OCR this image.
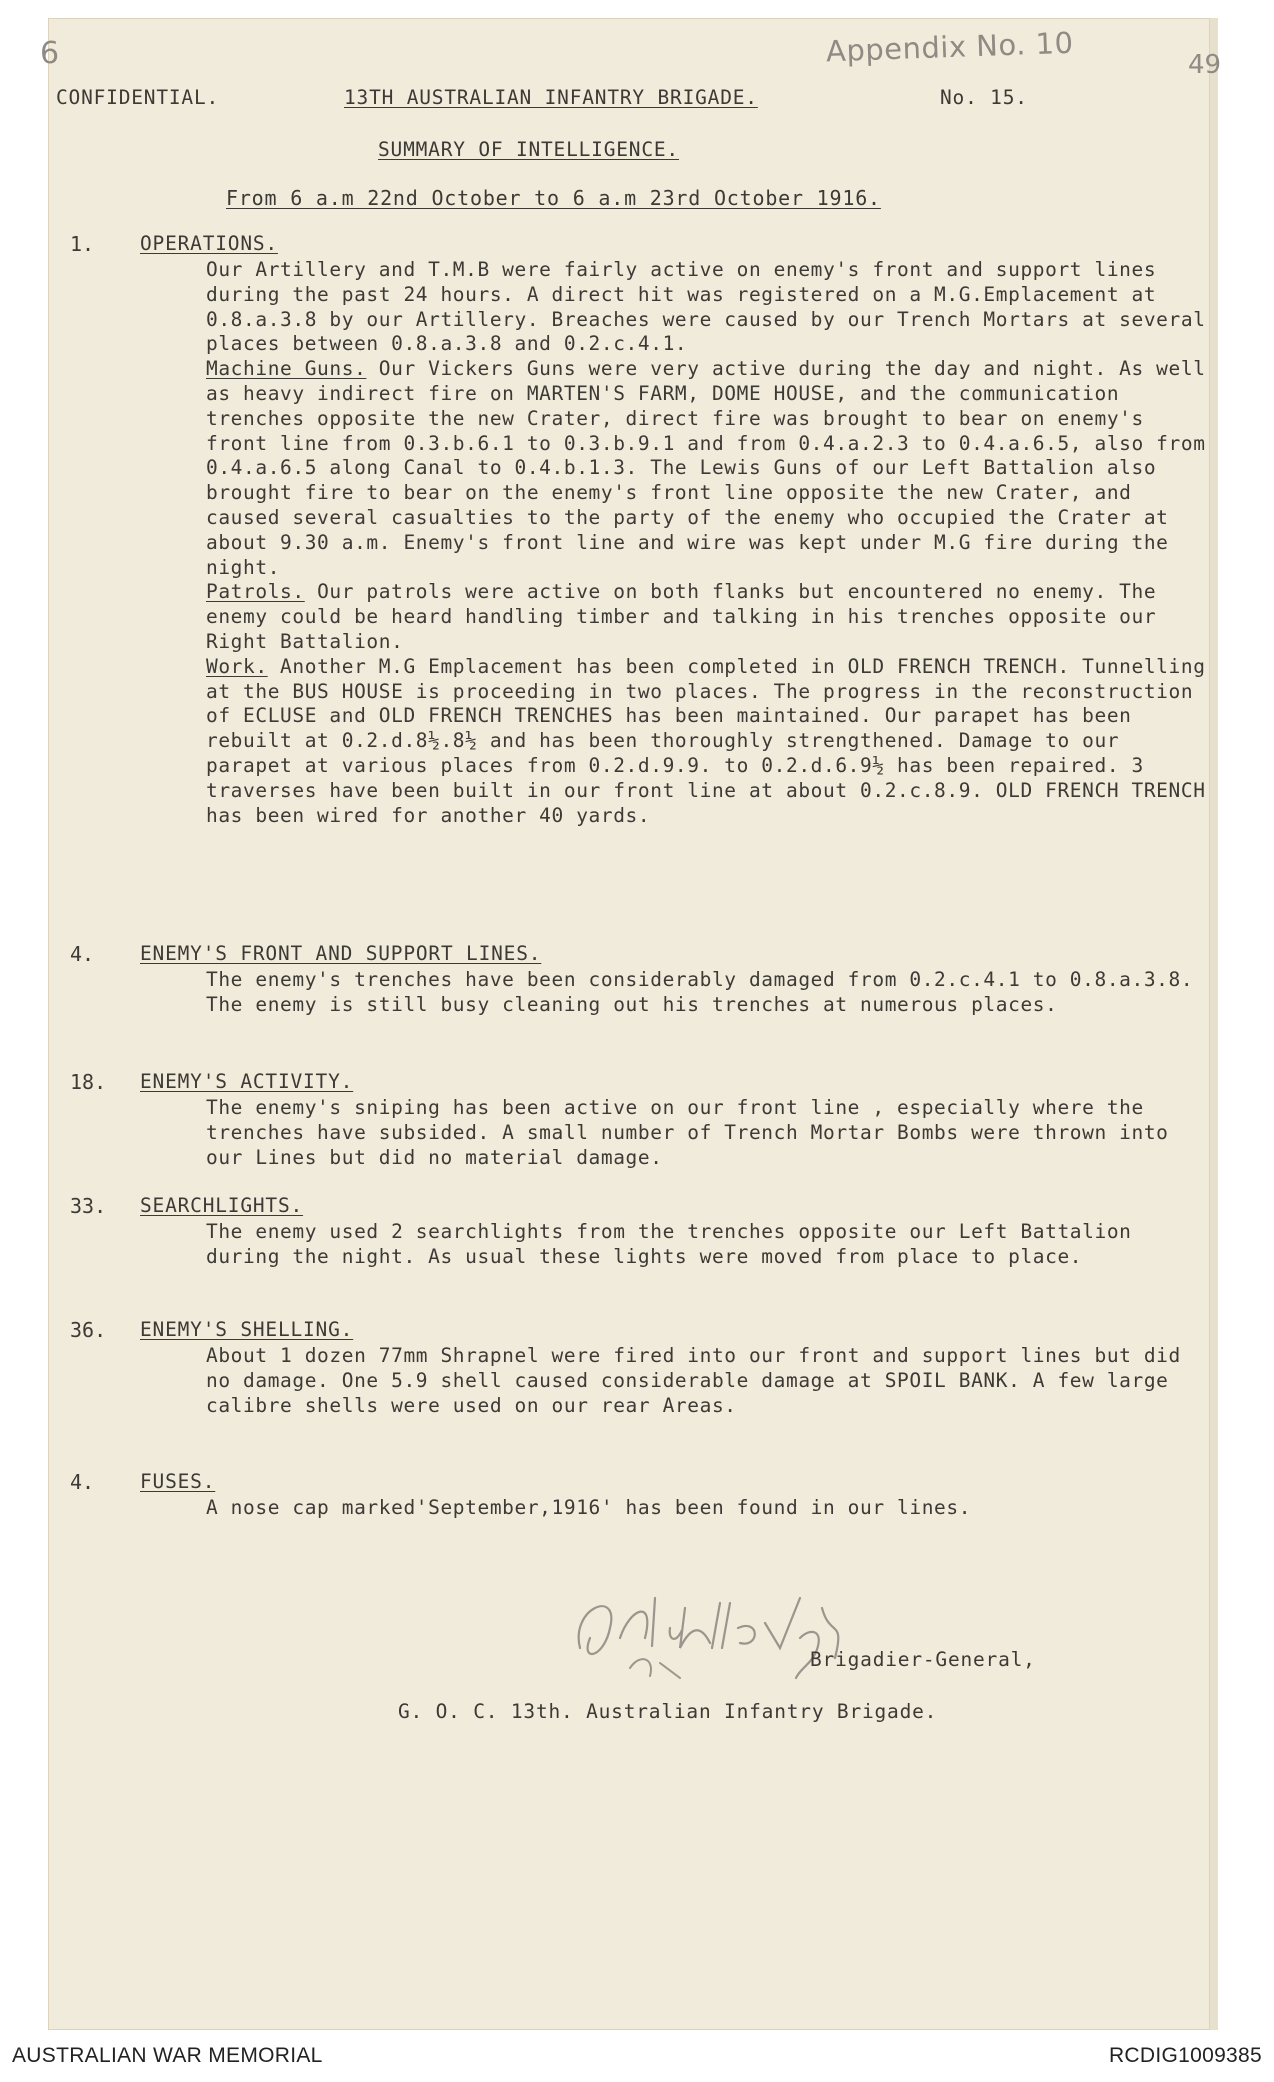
6	Appendix No. 10	49
CONFIDENTIAL.	13TH AUSTRALIAN INFANTRY BRIGADE.	No. 15.
SUMMARY OF INTELLIGENCE.
From 6 a.m 22nd October to 6 a.m 23rd October 1916.
1. OPERATIONS.

Our Artillery and T.M.B were fairly active on enemy's front and support lines during the past 24 hours. A direct hit was registered on a M.G.Emplacement at 0.8.a.3.8 by our Artillery. Breaches were caused by our Trench Mortars at several places between 0.8.a.3.8 and 0.2.c.4.1.

Machine Guns. Our Vickers Guns were very active during the day and night. As well as heavy indirect fire on MARTEN'S FARM, DOME HOUSE, and the communication trenches opposite the new Crater, direct fire was brought to bear on enemy's front line from 0.3.b.6.1 to 0.3.b.9.1 and from 0.4.a.2.3 to 0.4.a.6.5, also from 0.4.a.6.5 along Canal to 0.4.b.1.3. The Lewis Guns of our Left Battalion also brought fire to bear on the enemy's front line opposite the new Crater, and caused several casualties to the party of the enemy who occupied the Crater at about 9.30 a.m. Enemy's front line and wire was kept under M.G fire during the night.

Patrols. Our patrols were active on both flanks but encountered no enemy. The enemy could be heard handling timber and talking in his trenches opposite our Right Battalion.

Work. Another M.G Emplacement has been completed in OLD FRENCH TRENCH. Tunnelling at the BUS HOUSE is proceeding in two places. The progress in the reconstruction of ECLUSE and OLD FRENCH TRENCHES has been maintained. Our parapet has been rebuilt at 0.2.d.8½.8½ and has been thoroughly strengthened. Damage to our parapet at various places from 0.2.d.9.9. to 0.2.d.6.9½ has been repaired. 3 traverses have been built in our front line at about 0.2.c.8.9. OLD FRENCH TRENCH has been wired for another 40 yards.

4. ENEMY'S FRONT AND SUPPORT LINES.

The enemy's trenches have been considerably damaged from 0.2.c.4.1 to 0.8.a.3.8. The enemy is still busy cleaning out his trenches at numerous places.

18. ENEMY'S ACTIVITY.

The enemy's sniping has been active on our front line , especially where the trenches have subsided. A small number of Trench Mortar Bombs were thrown into our Lines but did no material damage.

33. SEARCHLIGHTS.

The enemy used 2 searchlights from the trenches opposite our Left Battalion during the night. As usual these lights were moved from place to place.

36. ENEMY'S SHELLING.

About 1 dozen 77mm Shrapnel were fired into our front and support lines but did no damage. One 5.9 shell caused considerable damage at SPOIL BANK. A few large calibre shells were used on our rear Areas.

4. FUSES.

A nose cap marked'September,1916' has been found in our lines.

Brigadier-General,
G. O. C. 13th. Australian Infantry Brigade.
AUSTRALIAN WAR MEMORIAL	RCDIG1009385
